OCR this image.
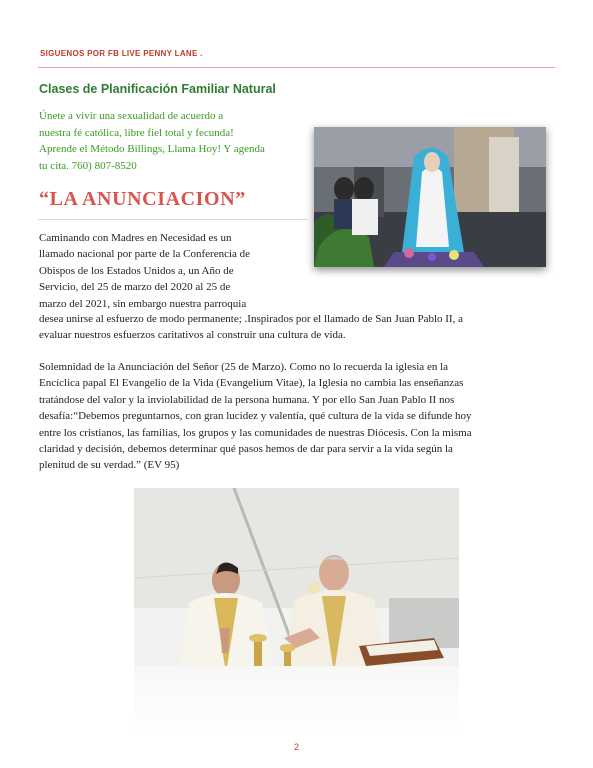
SIGUENOS POR FB LIVE PENNY LANE .
Clases de Planificación Familiar Natural
Únete a vivir una sexualidad de acuerdo a
nuestra fé católica, libre fiel total y fecunda!
Aprende el Método Billings, Llama Hoy! Y agenda
tu cita. 760) 807-8520
“LA ANUNCIACION”
Caminando con Madres en Necesidad es un
llamado nacional por parte de la Conferencia de
Obispos de los Estados Unidos a, un Año de
Servicio, del 25 de marzo del 2020 al 25 de
marzo del 2021, sin embargo nuestra parroquia
desea unirse al esfuerzo de modo permanente; .Inspirados por el llamado de San Juan Pablo II, a
evaluar nuestros esfuerzos caritativos al construir una cultura de vida.
Solemnidad de la Anunciación del Señor (25 de Marzo). Como no lo recuerda la iglesia en la
Encíclica papal El Evangelio de la Vida (Evangelium Vitae), la Iglesia no cambia las enseñanzas
tratándose del valor y la inviolabilidad de la persona humana. Y por ello San Juan Pablo II nos
desafía:“Debemos preguntarnos, con gran lucidez y valentía, qué cultura de la vida se difunde hoy
entre los cristianos, las familias, los grupos y las comunidades de nuestras Diócesis. Con la misma
claridad y decisión, debemos determinar qué pasos hemos de dar para servir a la vida según la
plenitud de su verdad.” (EV 95)
2
